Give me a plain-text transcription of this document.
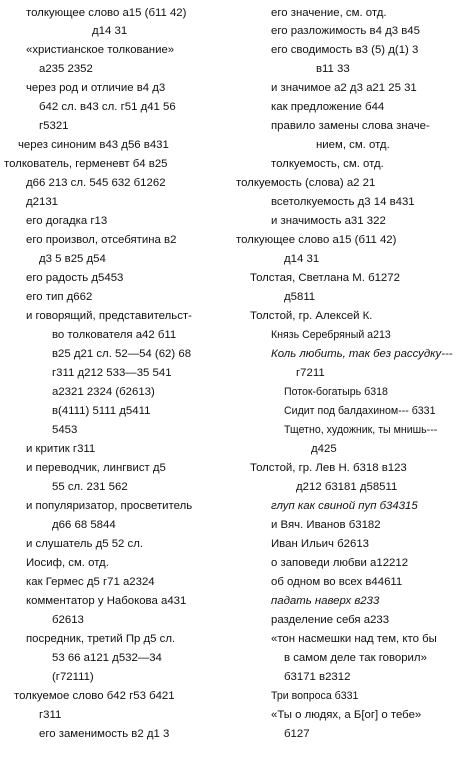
толкующее слово а15 (б11 42)
д14 31
«христианское толкование»
а235 2352
через род и отличие в4 д3
б42 сл. в43 сл. г51 д41 56
г5321
через синоним в43 д56 в431
толкователь, герменевт б4 в25
д66 213 сл. 545 632 б1262
д2131
его догадка г13
его произвол, отсебятина в2
д3 5 в25 д54
его радость д5453
его тип д662
и говорящий, представительст-
во толкователя а42 б11
в25 д21 сл. 52—54 (62) 68
г311 д212 533—35 541
а2321 2324 (б2613)
в(4111) 5111 д5411
5453
и критик г311
и переводчик, лингвист д5
55 сл. 231 562
и популяризатор, просветитель
д66 68 5844
и слушатель д5 52 сл.
Иосиф, см. отд.
как Гермес д5 г71 а2324
комментатор у Набокова а431
б2613
посредник, третий Пр д5 сл.
53 66 а121 д532—34
(г72111)
толкуемое слово б42 г53 б421
г311
его заменимость в2 д1 3
его значение, см. отд.
его разложимость в4 д3 в45
его сводимость в3 (5) д(1) 3
в11 33
и значимое а2 д3 а21 25 31
как предложение б44
правило замены слова значе-
нием, см. отд.
толкуемость, см. отд.
толкуемость (слова) а2 21
всетолкуемость д3 14 в431
и значимость а31 322
толкующее слово а15 (б11 42)
д14 31
Толстая, Светлана М. б1272
д5811
Толстой, гр. Алексей К.
Князь Серебряный а213
Коль любить, так без рассудку---
г7211
Поток-богатырь б318
Сидит под балдахином--- б331
Тщетно, художник, ты мнишь---
д425
Толстой, гр. Лев Н. б318 в123
д212 б3181 д58511
глуп как свиной пуп б34315
и Вяч. Иванов б3182
Иван Ильич б2613
о заповеди любви а12212
об одном во всех в44611
падать наверх в233
разделение себя а233
«тон насмешки над тем, кто бы
в самом деле так говорил»
б3171 в2312
Три вопроса б331
«Ты о людях, а Б[ог] о тебе»
б127
